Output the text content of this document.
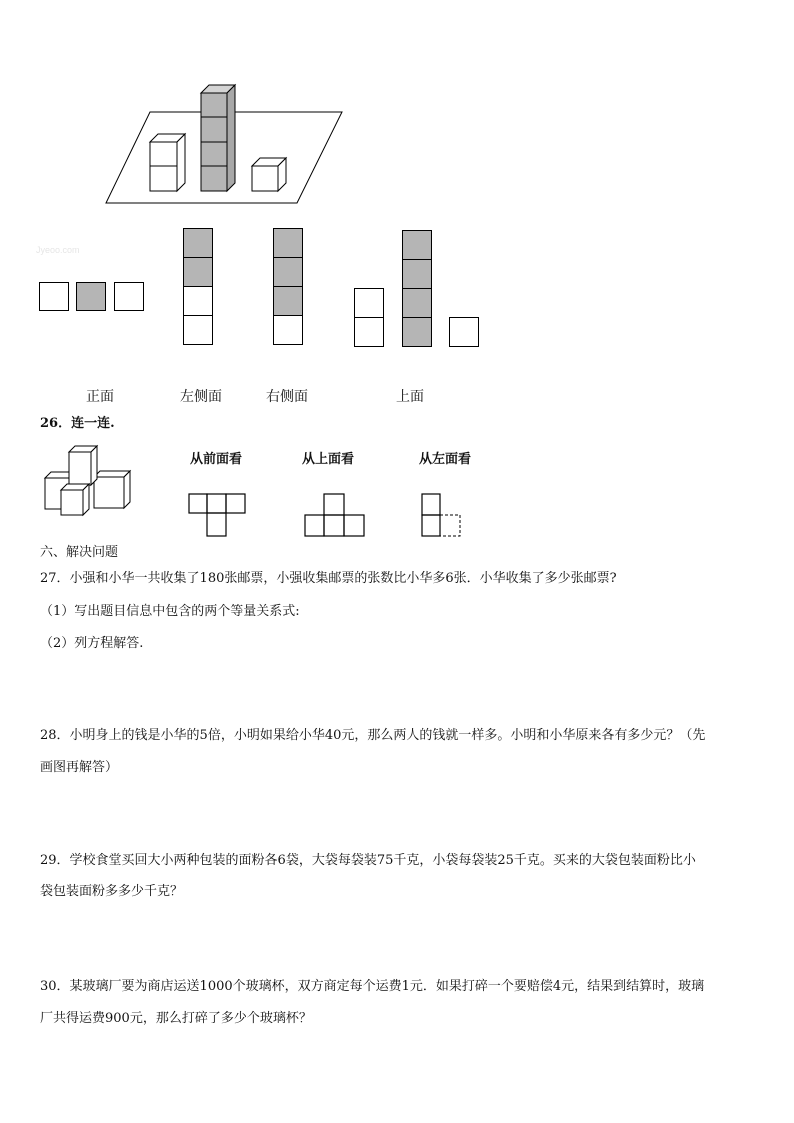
Jyeoo.com
正面	左侧面	右侧面	上面
26．连一连.
从前面看	从上面看	从左面看
六、解决问题
27．小强和小华一共收集了180张邮票，小强收集邮票的张数比小华多6张．小华收集了多少张邮票?
（1）写出题目信息中包含的两个等量关系式:
（2）列方程解答.
28．小明身上的钱是小华的5倍，小明如果给小华40元，那么两人的钱就一样多。小明和小华原来各有多少元？（先
画图再解答）
29．学校食堂买回大小两种包装的面粉各6袋，大袋每袋装75千克，小袋每袋装25千克。买来的大袋包装面粉比小
袋包装面粉多多少千克？
30．某玻璃厂要为商店运送1000个玻璃杯，双方商定每个运费1元．如果打碎一个要赔偿4元，结果到结算时，玻璃
厂共得运费900元，那么打碎了多少个玻璃杯？
